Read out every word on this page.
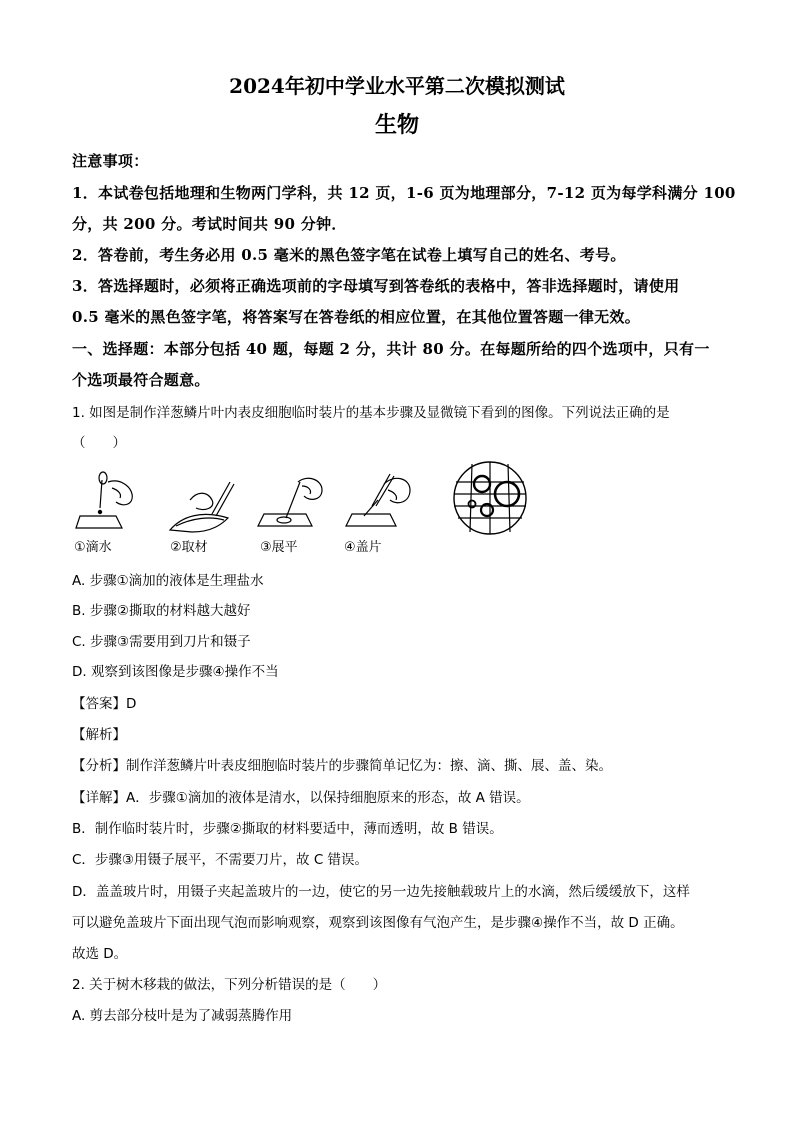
2024年初中学业水平第二次模拟测试
生物
注意事项：
1．本试卷包括地理和生物两门学科，共 12 页，1-6 页为地理部分，7-12 页为每学科满分 100
分，共 200 分。考试时间共 90 分钟．
2．答卷前，考生务必用 0.5 毫米的黑色签字笔在试卷上填写自己的姓名、考号。
3．答选择题时，必须将正确选项前的字母填写到答卷纸的表格中，答非选择题时，请使用
0.5 毫米的黑色签字笔，将答案写在答卷纸的相应位置，在其他位置答题一律无效。
一、选择题：本部分包括 40 题，每题 2 分，共计 80 分。在每题所给的四个选项中，只有一
个选项最符合题意。
1. 如图是制作洋葱鳞片叶内表皮细胞临时装片的基本步骤及显微镜下看到的图像。下列说法正确的是
（　　）
①滴水	②取材	③展平	④盖片
A. 步骤①滴加的液体是生理盐水
B. 步骤②撕取的材料越大越好
C. 步骤③需要用到刀片和镊子
D. 观察到该图像是步骤④操作不当
【答案】D
【解析】
【分析】制作洋葱鳞片叶表皮细胞临时装片的步骤简单记忆为：擦、滴、撕、展、盖、染。
【详解】A．步骤①滴加的液体是清水，以保持细胞原来的形态，故 A 错误。
B．制作临时装片时，步骤②撕取的材料要适中，薄而透明，故 B 错误。
C．步骤③用镊子展平，不需要刀片，故 C 错误。
D．盖盖玻片时，用镊子夹起盖玻片的一边，使它的另一边先接触载玻片上的水滴，然后缓缓放下，这样
可以避免盖玻片下面出现气泡而影响观察，观察到该图像有气泡产生，是步骤④操作不当，故 D 正确。
故选 D。
2. 关于树木移栽的做法，下列分析错误的是（　　）
A. 剪去部分枝叶是为了减弱蒸腾作用
